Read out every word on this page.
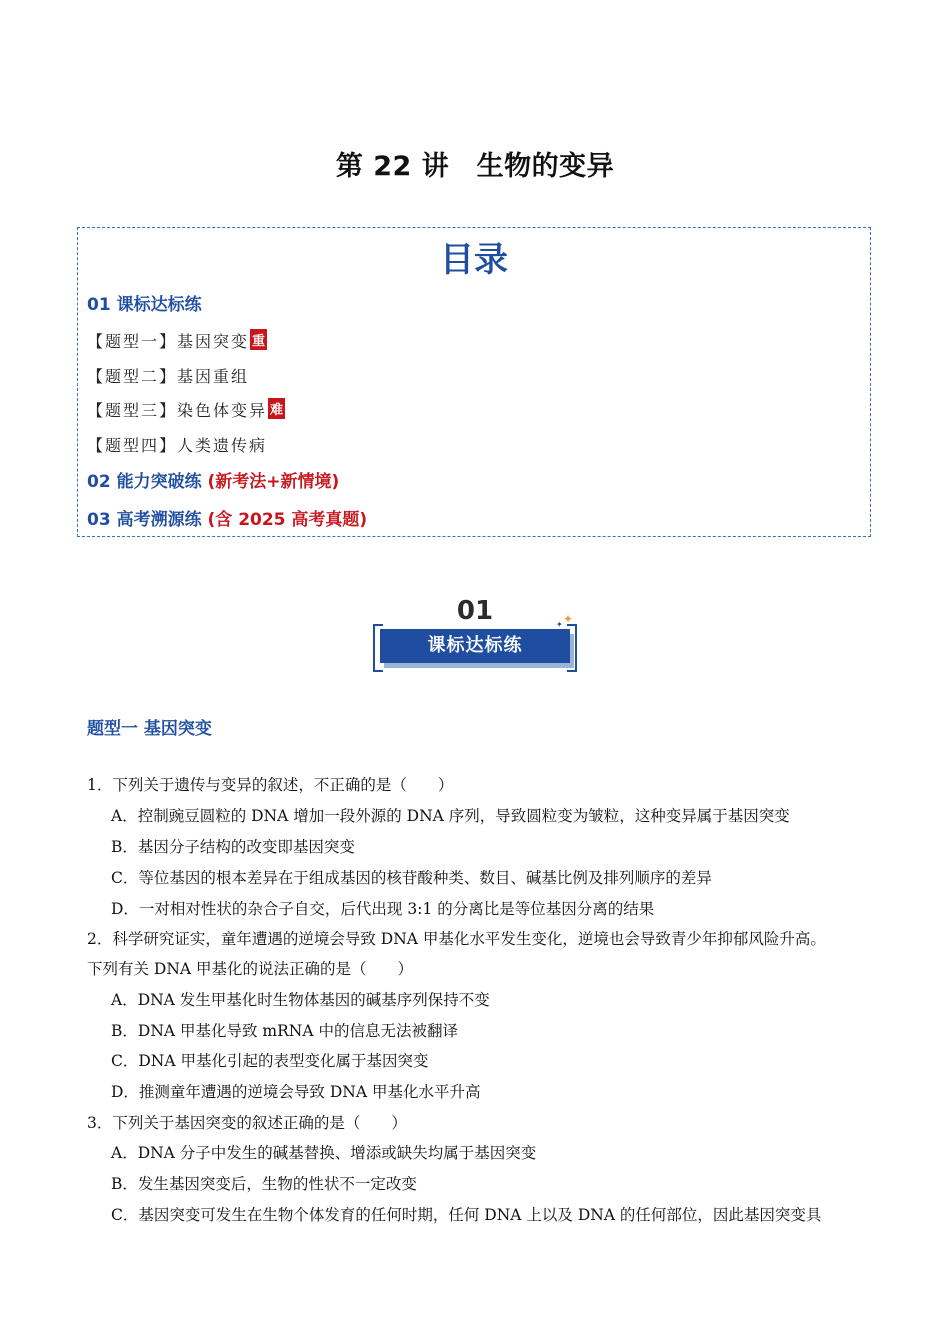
第 22 讲　生物的变异
目录
01 课标达标练
【题型一】基因突变 重
【题型二】基因重组
【题型三】染色体变异 难
【题型四】人类遗传病
02 能力突破练 (新考法+新情境)
03 高考溯源练 (含 2025 高考真题)
01
课标达标练
✦
✦
题型一 基因突变
1．下列关于遗传与变异的叙述，不正确的是（　　）
A．控制豌豆圆粒的 DNA 增加一段外源的 DNA 序列，导致圆粒变为皱粒，这种变异属于基因突变
B．基因分子结构的改变即基因突变
C．等位基因的根本差异在于组成基因的核苷酸种类、数目、碱基比例及排列顺序的差异
D．一对相对性状的杂合子自交，后代出现 3:1 的分离比是等位基因分离的结果
2．科学研究证实，童年遭遇的逆境会导致 DNA 甲基化水平发生变化，逆境也会导致青少年抑郁风险升高。
下列有关 DNA 甲基化的说法正确的是（　　）
A．DNA 发生甲基化时生物体基因的碱基序列保持不变
B．DNA 甲基化导致 mRNA 中的信息无法被翻译
C．DNA 甲基化引起的表型变化属于基因突变
D．推测童年遭遇的逆境会导致 DNA 甲基化水平升高
3．下列关于基因突变的叙述正确的是（　　）
A．DNA 分子中发生的碱基替换、增添或缺失均属于基因突变
B．发生基因突变后，生物的性状不一定改变
C．基因突变可发生在生物个体发育的任何时期，任何 DNA 上以及 DNA 的任何部位，因此基因突变具
